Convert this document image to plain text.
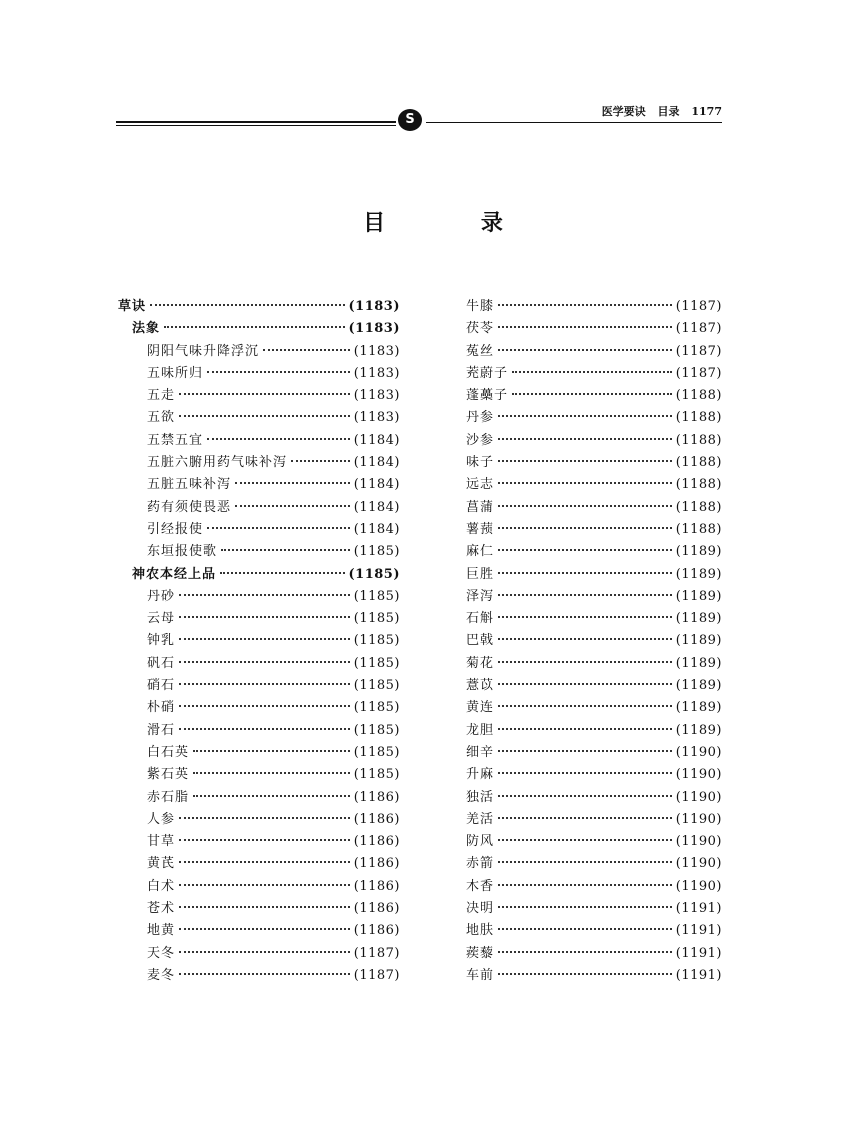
S
医学要诀 目录 1177
目 录
草诀	(1183)
法象	(1183)
阴阳气味升降浮沉	(1183)
五味所归	(1183)
五走	(1183)
五欲	(1183)
五禁五宜	(1184)
五脏六腑用药气味补泻	(1184)
五脏五味补泻	(1184)
药有须使畏恶	(1184)
引经报使	(1184)
东垣报使歌	(1185)
神农本经上品	(1185)
丹砂	(1185)
云母	(1185)
钟乳	(1185)
矾石	(1185)
硝石	(1185)
朴硝	(1185)
滑石	(1185)
白石英	(1185)
紫石英	(1185)
赤石脂	(1186)
人参	(1186)
甘草	(1186)
黄芪	(1186)
白术	(1186)
苍术	(1186)
地黄	(1186)
天冬	(1187)
麦冬	(1187)
牛膝	(1187)
茯苓	(1187)
菟丝	(1187)
茺蔚子	(1187)
蓬蘽子	(1188)
丹参	(1188)
沙参	(1188)
味子	(1188)
远志	(1188)
菖蒲	(1188)
薯蓣	(1188)
麻仁	(1189)
巨胜	(1189)
泽泻	(1189)
石斛	(1189)
巴戟	(1189)
菊花	(1189)
薏苡	(1189)
黄连	(1189)
龙胆	(1189)
细辛	(1190)
升麻	(1190)
独活	(1190)
羌活	(1190)
防风	(1190)
赤箭	(1190)
木香	(1190)
决明	(1191)
地肤	(1191)
蒺藜	(1191)
车前	(1191)
